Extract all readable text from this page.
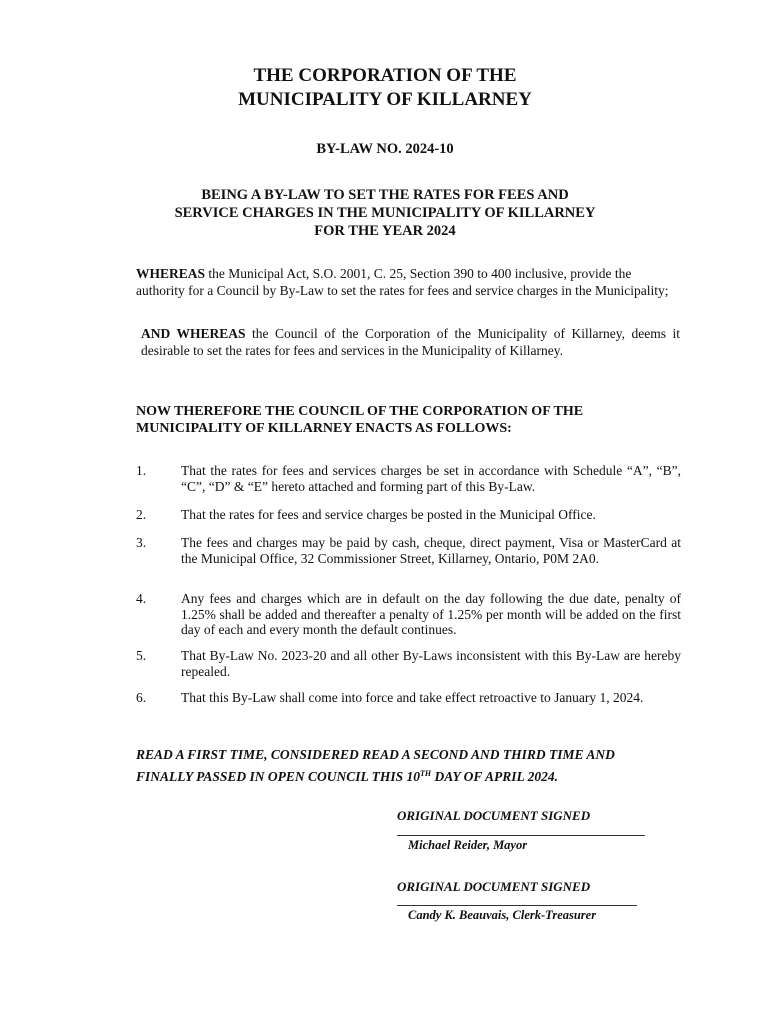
THE CORPORATION OF THE
MUNICIPALITY OF KILLARNEY
BY-LAW NO. 2024-10
BEING A BY-LAW TO SET THE RATES FOR FEES AND
SERVICE CHARGES IN THE MUNICIPALITY OF KILLARNEY
FOR THE YEAR 2024
WHEREAS the Municipal Act, S.O. 2001, C. 25, Section 390 to 400 inclusive, provide the authority for a Council by By-Law to set the rates for fees and service charges in the Municipality;
AND WHEREAS the Council of the Corporation of the Municipality of Killarney, deems it desirable to set the rates for fees and services in the Municipality of Killarney.
NOW THEREFORE THE COUNCIL OF THE CORPORATION OF THE MUNICIPALITY OF KILLARNEY ENACTS AS FOLLOWS:
1.	That the rates for fees and services charges be set in accordance with Schedule “A”, “B”, “C”, “D” & “E” hereto attached and forming part of this By-Law.
2.	That the rates for fees and service charges be posted in the Municipal Office.
3.	The fees and charges may be paid by cash, cheque, direct payment, Visa or MasterCard at the Municipal Office, 32 Commissioner Street, Killarney, Ontario, P0M 2A0.
4.	Any fees and charges which are in default on the day following the due date, penalty of 1.25% shall be added and thereafter a penalty of 1.25% per month will be added on the first day of each and every month the default continues.
5.	That By-Law No. 2023-20 and all other By-Laws inconsistent with this By-Law are hereby repealed.
6.	That this By-Law shall come into force and take effect retroactive to January 1, 2024.
READ A FIRST TIME, CONSIDERED READ A SECOND AND THIRD TIME AND
FINALLY PASSED IN OPEN COUNCIL THIS 10TH DAY OF APRIL 2024.
ORIGINAL DOCUMENT SIGNED
Michael Reider, Mayor
ORIGINAL DOCUMENT SIGNED
Candy K. Beauvais, Clerk-Treasurer
